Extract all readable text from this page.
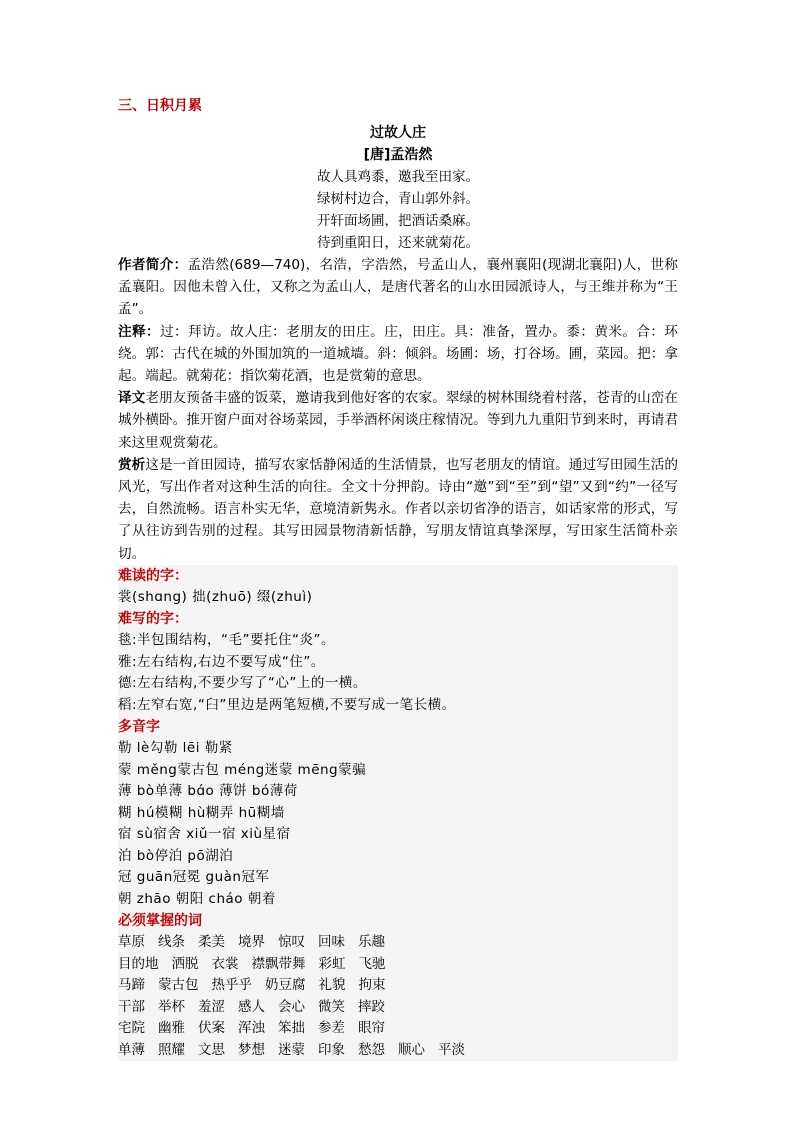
三、日积月累
过故人庄
[唐]孟浩然
故人具鸡黍，邀我至田家。
绿树村边合，青山郭外斜。
开轩面场圃，把酒话桑麻。
待到重阳日，还来就菊花。

作者简介：孟浩然(689—740)，名浩，字浩然，号孟山人，襄州襄阳(现湖北襄阳)人，世称孟襄阳。因他未曾入仕，又称之为孟山人，是唐代著名的山水田园派诗人，与王维并称为“王孟”。

注释：过：拜访。故人庄：老朋友的田庄。庄，田庄。具：准备，置办。黍：黄米。合：环绕。郭：古代在城的外围加筑的一道城墙。斜：倾斜。场圃：场，打谷场。圃，菜园。把：拿起。端起。就菊花：指饮菊花酒，也是赏菊的意思。

译文老朋友预备丰盛的饭菜，邀请我到他好客的农家。翠绿的树林围绕着村落，苍青的山峦在城外横卧。推开窗户面对谷场菜园，手举酒杯闲谈庄稼情况。等到九九重阳节到来时，再请君来这里观赏菊花。

赏析这是一首田园诗，描写农家恬静闲适的生活情景，也写老朋友的情谊。通过写田园生活的风光，写出作者对这种生活的向往。全文十分押韵。诗由“邀”到“至”到“望”又到“约”一径写去，自然流畅。语言朴实无华，意境清新隽永。作者以亲切省净的语言，如话家常的形式，写了从往访到告别的过程。其写田园景物清新恬静，写朋友情谊真挚深厚，写田家生活简朴亲切。

难读的字：

裳(shɑng) 拙(zhuō) 缀(zhuì)

难写的字：

毯:半包围结构，“毛”要托住“炎”。

雅:左右结构,右边不要写成“住”。

德:左右结构,不要少写了“心”上的一横。

稻:左窄右宽,“臼”里边是两笔短横,不要写成一笔长横。

多音字

勒 lè勾勒 lēi 勒紧

蒙 měng蒙古包 méng迷蒙 mēng蒙骗

薄 bò单薄 bɑ́o 薄饼 bó薄荷

糊 hú模糊 hù糊弄 hū糊墙

宿 sù宿舍 xiǔ一宿 xiù星宿

泊 bò停泊 pō湖泊

冠 guān冠冕 guàn冠军

朝 zhāo 朝阳 cháo 朝着

必须掌握的词

草原 线条 柔美 境界 惊叹 回味 乐趣

目的地 洒脱 衣裳 襟飘带舞 彩虹 飞驰

马蹄 蒙古包 热乎乎 奶豆腐 礼貌 拘束

干部 举杯 羞涩 感人 会心 微笑 摔跤

宅院 幽雅 伏案 浑浊 笨拙 参差 眼帘

单薄 照耀 文思 梦想 迷蒙 印象 愁怨 顺心 平淡
